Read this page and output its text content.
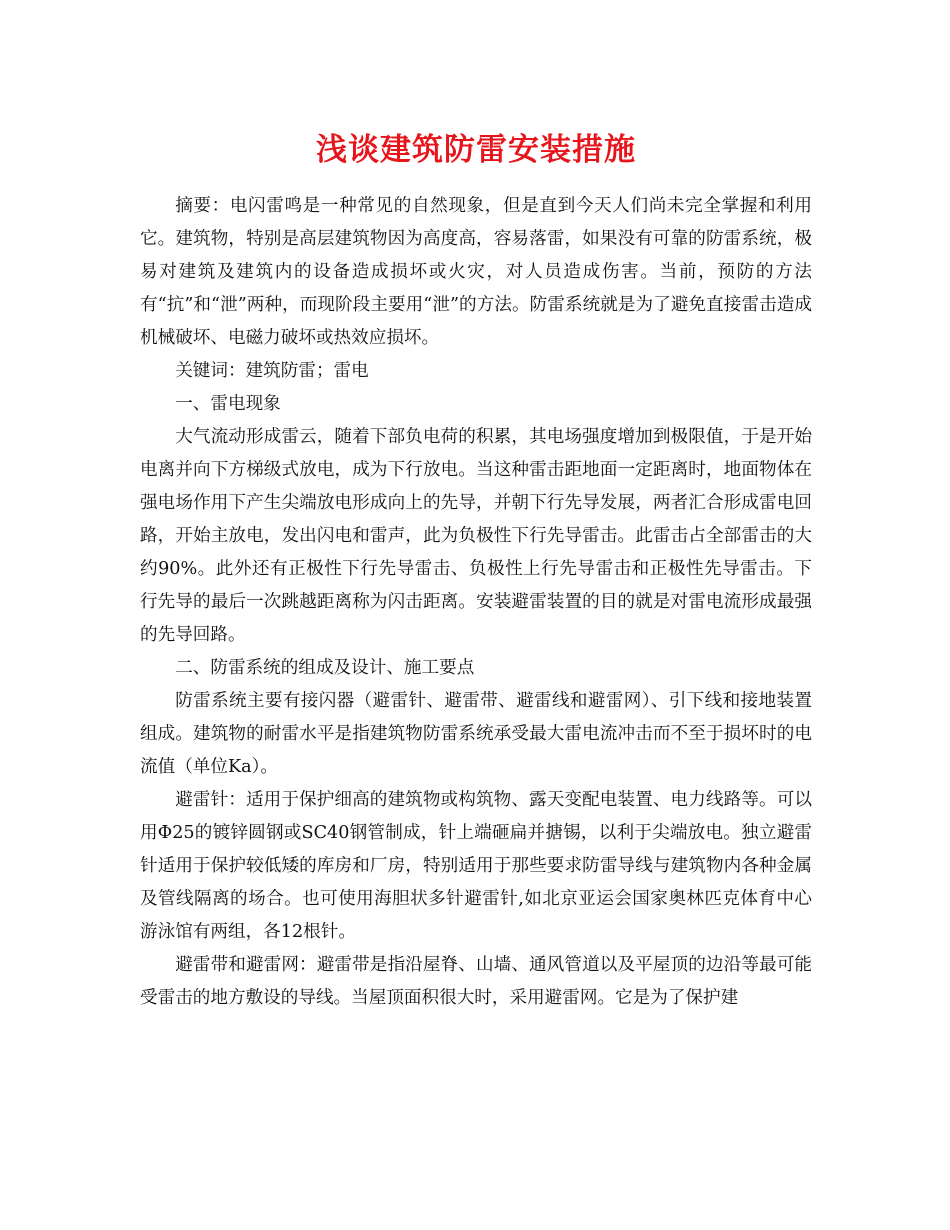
浅谈建筑防雷安装措施

摘要：电闪雷鸣是一种常见的自然现象，但是直到今天人们尚未完全掌握和利用它。建筑物，特别是高层建筑物因为高度高，容易落雷，如果没有可靠的防雷系统，极易对建筑及建筑内的设备造成损坏或火灾，对人员造成伤害。当前，预防的方法有“抗”和“泄”两种，而现阶段主要用“泄”的方法。防雷系统就是为了避免直接雷击造成机械破坏、电磁力破坏或热效应损坏。

关键词：建筑防雷；雷电

一、雷电现象

大气流动形成雷云，随着下部负电荷的积累，其电场强度增加到极限值，于是开始电离并向下方梯级式放电，成为下行放电。当这种雷击距地面一定距离时，地面物体在强电场作用下产生尖端放电形成向上的先导，并朝下行先导发展，两者汇合形成雷电回路，开始主放电，发出闪电和雷声，此为负极性下行先导雷击。此雷击占全部雷击的大约90%。此外还有正极性下行先导雷击、负极性上行先导雷击和正极性先导雷击。下行先导的最后一次跳越距离称为闪击距离。安装避雷装置的目的就是对雷电流形成最强的先导回路。

二、防雷系统的组成及设计、施工要点

防雷系统主要有接闪器（避雷针、避雷带、避雷线和避雷网）、引下线和接地装置组成。建筑物的耐雷水平是指建筑物防雷系统承受最大雷电流冲击而不至于损坏时的电流值（单位Ka）。

避雷针：适用于保护细高的建筑物或构筑物、露天变配电装置、电力线路等。可以用Φ25的镀锌圆钢或SC40钢管制成，针上端砸扁并搪锡，以利于尖端放电。独立避雷针适用于保护较低矮的库房和厂房，特别适用于那些要求防雷导线与建筑物内各种金属及管线隔离的场合。也可使用海胆状多针避雷针,如北京亚运会国家奥林匹克体育中心游泳馆有两组，各12根针。

避雷带和避雷网：避雷带是指沿屋脊、山墙、通风管道以及平屋顶的边沿等最可能受雷击的地方敷设的导线。当屋顶面积很大时，采用避雷网。它是为了保护建
